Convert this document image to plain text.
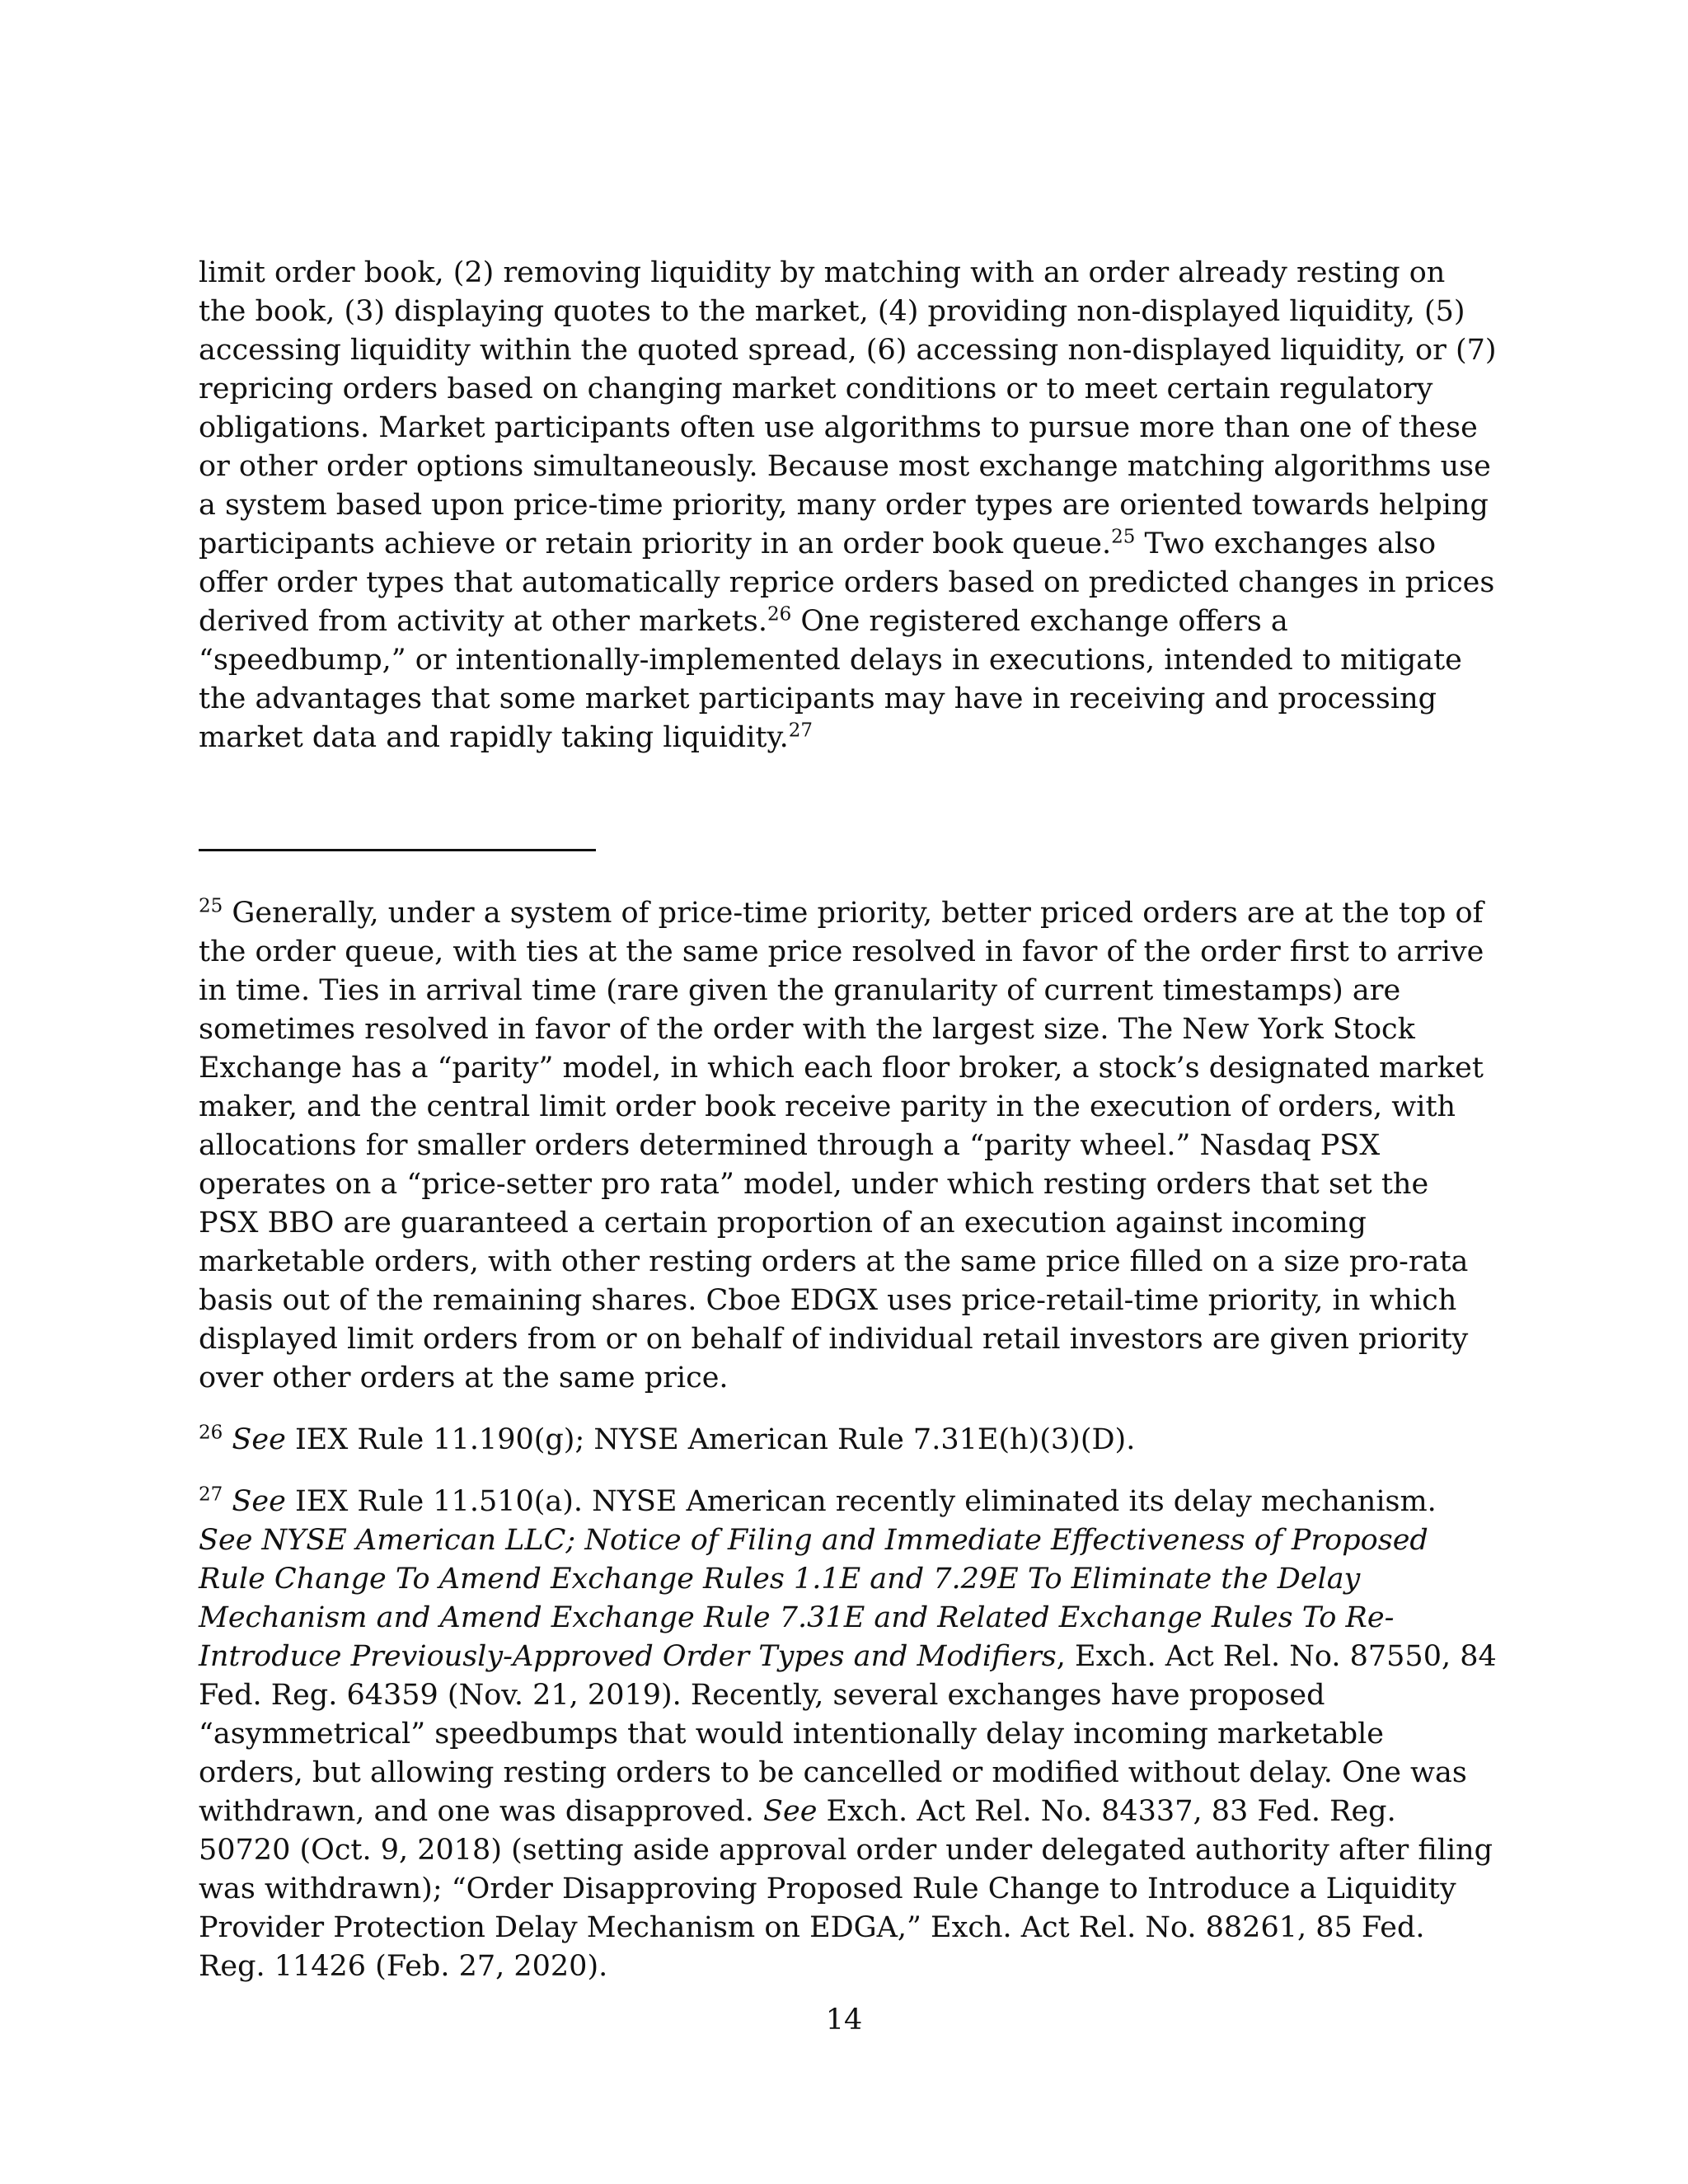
limit order book, (2) removing liquidity by matching with an order already resting on the book, (3) displaying quotes to the market, (4) providing non-displayed liquidity, (5) accessing liquidity within the quoted spread, (6) accessing non-displayed liquidity, or (7) repricing orders based on changing market conditions or to meet certain regulatory obligations. Market participants often use algorithms to pursue more than one of these or other order options simultaneously. Because most exchange matching algorithms use a system based upon price-time priority, many order types are oriented towards helping participants achieve or retain priority in an order book queue.$^{25}$ Two exchanges also offer order types that automatically reprice orders based on predicted changes in prices derived from activity at other markets.$^{26}$ One registered exchange offers a “speedbump,” or intentionally-implemented delays in executions, intended to mitigate the advantages that some market participants may have in receiving and processing market data and rapidly taking liquidity.$^{27}$

$^{25}$ Generally, under a system of price-time priority, better priced orders are at the top of the order queue, with ties at the same price resolved in favor of the order first to arrive in time. Ties in arrival time (rare given the granularity of current timestamps) are sometimes resolved in favor of the order with the largest size. The New York Stock Exchange has a “parity” model, in which each floor broker, a stock’s designated market maker, and the central limit order book receive parity in the execution of orders, with allocations for smaller orders determined through a “parity wheel.” Nasdaq PSX operates on a “price-setter pro rata” model, under which resting orders that set the PSX BBO are guaranteed a certain proportion of an execution against incoming marketable orders, with other resting orders at the same price filled on a size pro-rata basis out of the remaining shares. Cboe EDGX uses price-retail-time priority, in which displayed limit orders from or on behalf of individual retail investors are given priority over other orders at the same price.

$^{26}$ See IEX Rule 11.190(g); NYSE American Rule 7.31E(h)(3)(D).

$^{27}$ See IEX Rule 11.510(a). NYSE American recently eliminated its delay mechanism. See NYSE American LLC; Notice of Filing and Immediate Effectiveness of Proposed Rule Change To Amend Exchange Rules 1.1E and 7.29E To Eliminate the Delay Mechanism and Amend Exchange Rule 7.31E and Related Exchange Rules To Re-Introduce Previously-Approved Order Types and Modifiers, Exch. Act Rel. No. 87550, 84 Fed. Reg. 64359 (Nov. 21, 2019). Recently, several exchanges have proposed “asymmetrical” speedbumps that would intentionally delay incoming marketable orders, but allowing resting orders to be cancelled or modified without delay. One was withdrawn, and one was disapproved. See Exch. Act Rel. No. 84337, 83 Fed. Reg. 50720 (Oct. 9, 2018) (setting aside approval order under delegated authority after filing was withdrawn); “Order Disapproving Proposed Rule Change to Introduce a Liquidity Provider Protection Delay Mechanism on EDGA,” Exch. Act Rel. No. 88261, 85 Fed. Reg. 11426 (Feb. 27, 2020).

14
